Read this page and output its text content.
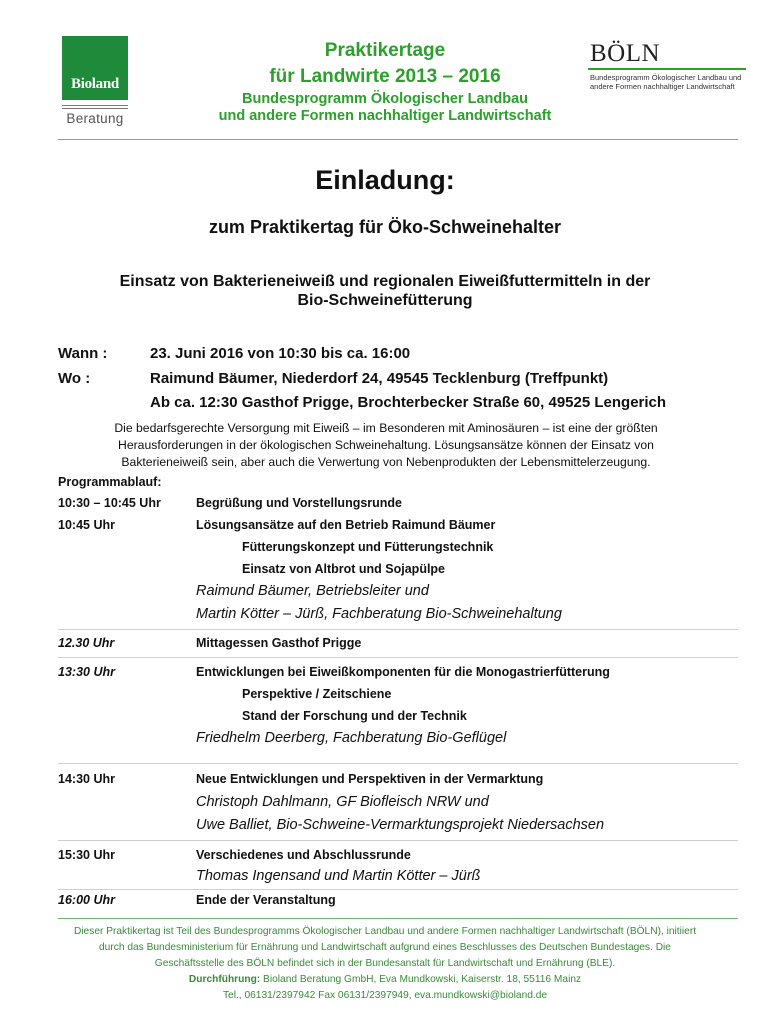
Bioland
Beratung
Praktikertage
für Landwirte 2013 – 2016
Bundesprogramm Ökologischer Landbau
und andere Formen nachhaltiger Landwirtschaft
BÖLN
Bundesprogramm Ökologischer Landbau und andere Formen nachhaltiger Landwirtschaft
Einladung:
zum Praktikertag für Öko-Schweinehalter
Einsatz von Bakterieneiweiß und regionalen Eiweißfuttermitteln in der
Bio-Schweinefütterung
Wann :	23. Juni 2016 von 10:30 bis ca. 16:00
Wo :	Raimund Bäumer, Niederdorf 24, 49545 Tecklenburg (Treffpunkt)
Ab ca. 12:30 Gasthof Prigge, Brochterbecker Straße 60, 49525 Lengerich
Die bedarfsgerechte Versorgung mit Eiweiß – im Besonderen mit Aminosäuren – ist eine der größten
Herausforderungen in der ökologischen Schweinehaltung. Lösungsansätze können der Einsatz von
Bakterieneiweiß sein, aber auch die Verwertung von Nebenprodukten der Lebensmittelerzeugung.
Programmablauf:
10:30 – 10:45 Uhr	Begrüßung und Vorstellungsrunde
10:45 Uhr	Lösungsansätze auf den Betrieb Raimund Bäumer
Fütterungskonzept und Fütterungstechnik
Einsatz von Altbrot und Sojapülpe
Raimund Bäumer, Betriebsleiter und
Martin Kötter – Jürß, Fachberatung Bio-Schweinehaltung
12.30 Uhr	Mittagessen Gasthof Prigge
13:30 Uhr	Entwicklungen bei Eiweißkomponenten für die Monogastrierfütterung
Perspektive / Zeitschiene
Stand der Forschung und der Technik
Friedhelm Deerberg, Fachberatung Bio-Geflügel
14:30 Uhr	Neue Entwicklungen und Perspektiven in der Vermarktung
Christoph Dahlmann, GF Biofleisch NRW und
Uwe Balliet, Bio-Schweine-Vermarktungsprojekt Niedersachsen
15:30 Uhr	Verschiedenes und Abschlussrunde
Thomas Ingensand und Martin Kötter – Jürß
16:00 Uhr	Ende der Veranstaltung
Dieser Praktikertag ist Teil des Bundesprogramms Ökologischer Landbau und andere Formen nachhaltiger Landwirtschaft (BÖLN), initiiert
durch das Bundesministerium für Ernährung und Landwirtschaft aufgrund eines Beschlusses des Deutschen Bundestages. Die
Geschäftsstelle des BÖLN befindet sich in der Bundesanstalt für Landwirtschaft und Ernährung (BLE).
Durchführung: Bioland Beratung GmbH, Eva Mundkowski, Kaiserstr. 18, 55116 Mainz
Tel., 06131/2397942 Fax 06131/2397949, eva.mundkowski@bioland.de
